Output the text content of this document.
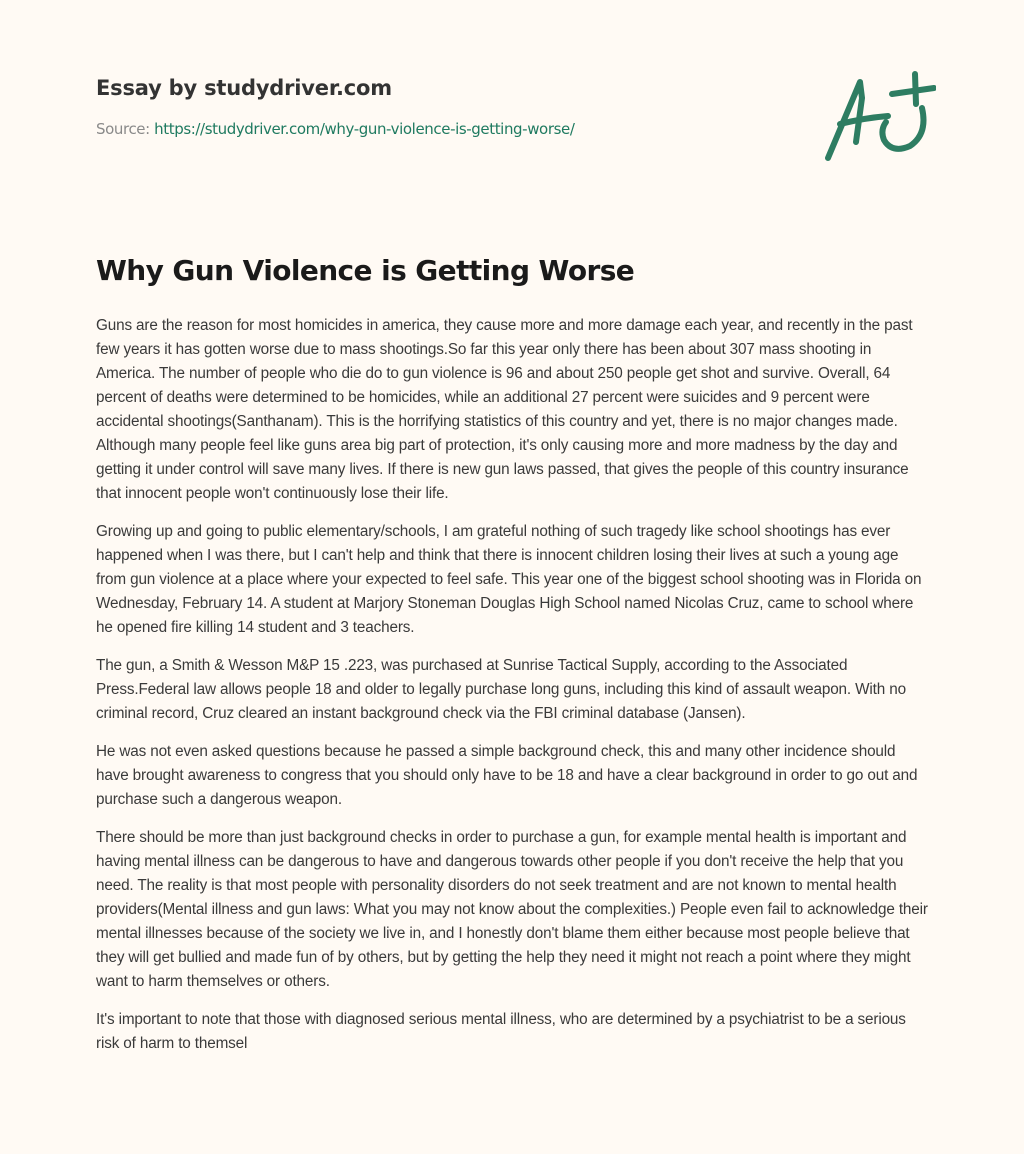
Essay by studydriver.com
Source: https://studydriver.com/why-gun-violence-is-getting-worse/
Why Gun Violence is Getting Worse

Guns are the reason for most homicides in america, they cause more and more damage each year, and recently in the past few years it has gotten worse due to mass shootings.So far this year only there has been about 307 mass shooting in America. The number of people who die do to gun violence is 96 and about 250 people get shot and survive. Overall, 64 percent of deaths were determined to be homicides, while an additional 27 percent were suicides and 9 percent were accidental shootings(Santhanam). This is the horrifying statistics of this country and yet, there is no major changes made. Although many people feel like guns area big part of protection, it's only causing more and more madness by the day and getting it under control will save many lives. If there is new gun laws passed, that gives the people of this country insurance that innocent people won't continuously lose their life.

Growing up and going to public elementary/schools, I am grateful nothing of such tragedy like school shootings has ever happened when I was there, but I can't help and think that there is innocent children losing their lives at such a young age from gun violence at a place where your expected to feel safe. This year one of the biggest school shooting was in Florida on Wednesday, February 14. A student at Marjory Stoneman Douglas High School named Nicolas Cruz, came to school where he opened fire killing 14 student and 3 teachers.

The gun, a Smith & Wesson M&P 15 .223, was purchased at Sunrise Tactical Supply, according to the Associated Press.Federal law allows people 18 and older to legally purchase long guns, including this kind of assault weapon. With no criminal record, Cruz cleared an instant background check via the FBI criminal database (Jansen).

He was not even asked questions because he passed a simple background check, this and many other incidence should have brought awareness to congress that you should only have to be 18 and have a clear background in order to go out and purchase such a dangerous weapon.

There should be more than just background checks in order to purchase a gun, for example mental health is important and having mental illness can be dangerous to have and dangerous towards other people if you don't receive the help that you need. The reality is that most people with personality disorders do not seek treatment and are not known to mental health providers(Mental illness and gun laws: What you may not know about the complexities.) People even fail to acknowledge their mental illnesses because of the society we live in, and I honestly don't blame them either because most people believe that they will get bullied and made fun of by others, but by getting the help they need it might not reach a point where they might want to harm themselves or others.

It's important to note that those with diagnosed serious mental illness, who are determined by a psychiatrist to be a serious risk of harm to themsel
